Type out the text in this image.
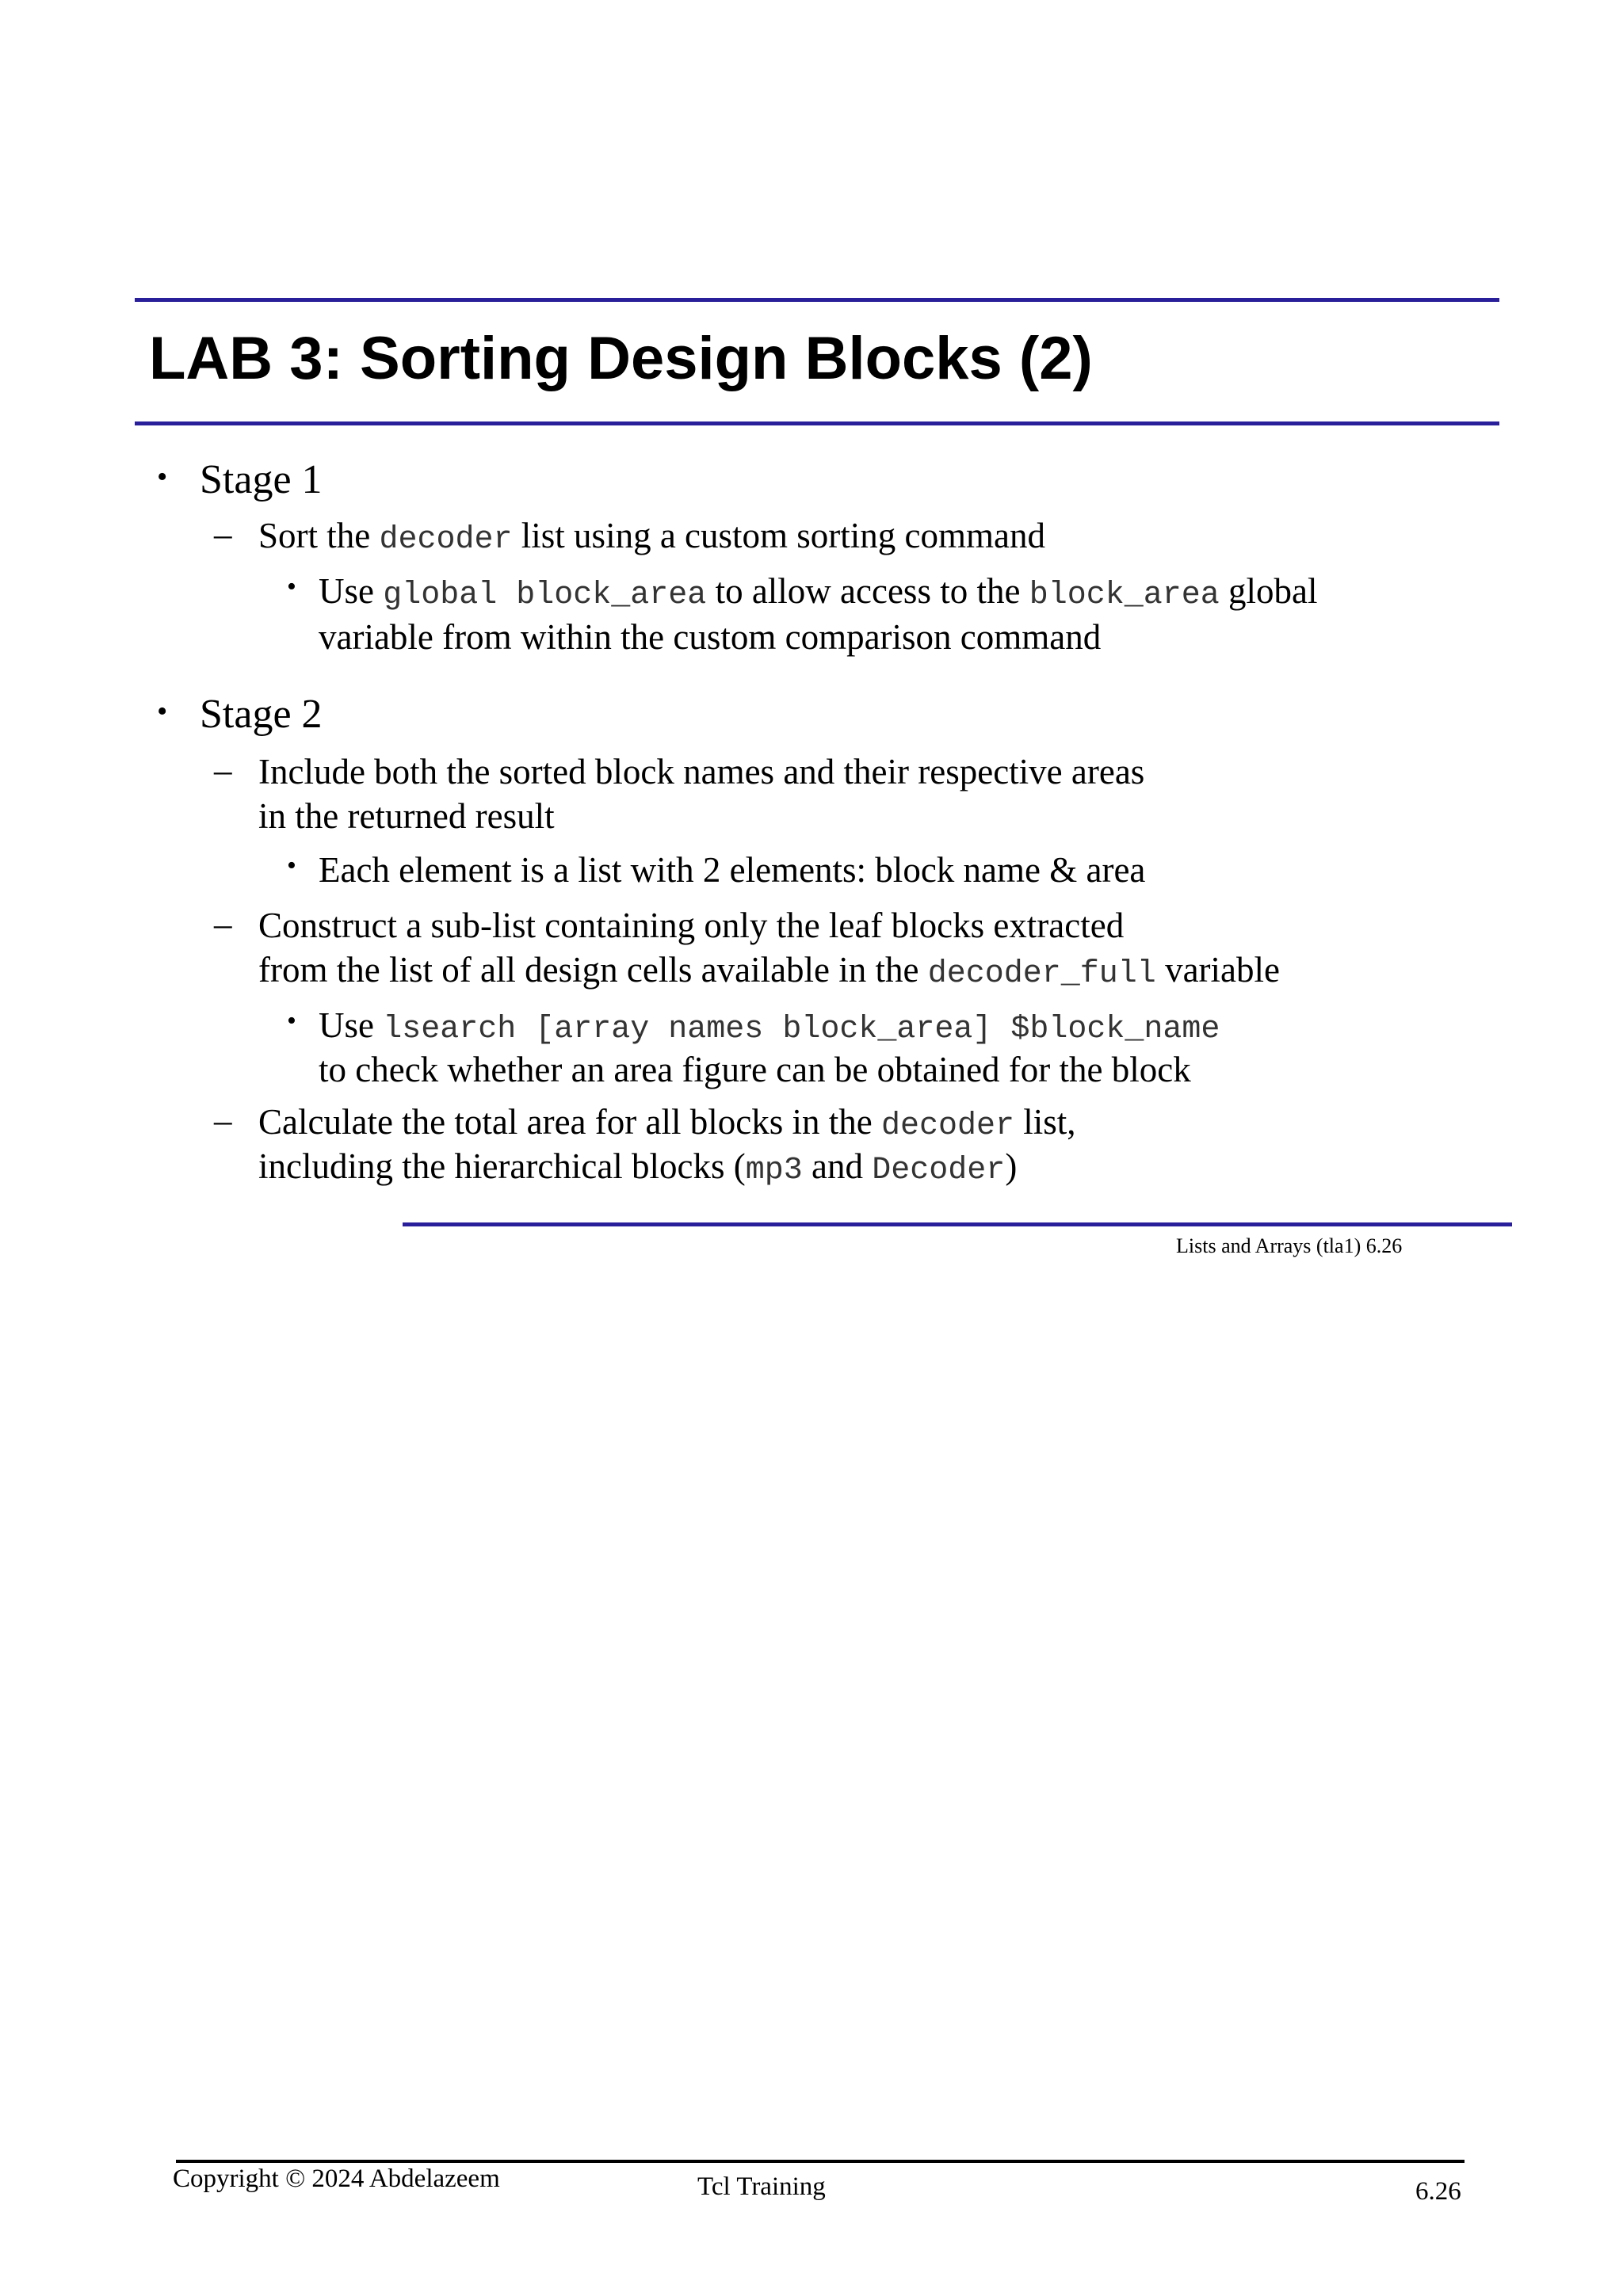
LAB 3: Sorting Design Blocks (2)
• Stage 1
– Sort the decoder list using a custom sorting command
• Use global block_area to allow access to the block_area global
variable from within the custom comparison command
• Stage 2
– Include both the sorted block names and their respective areas
in the returned result
• Each element is a list with 2 elements: block name & area
– Construct a sub-list containing only the leaf blocks extracted
from the list of all design cells available in the decoder_full variable
• Use lsearch [array names block_area] $block_name
to check whether an area figure can be obtained for the block
– Calculate the total area for all blocks in the decoder list,
including the hierarchical blocks (mp3 and Decoder)
Lists and Arrays (tla1) 6.26
Copyright © 2024 Abdelazeem	Tcl Training	6.26
